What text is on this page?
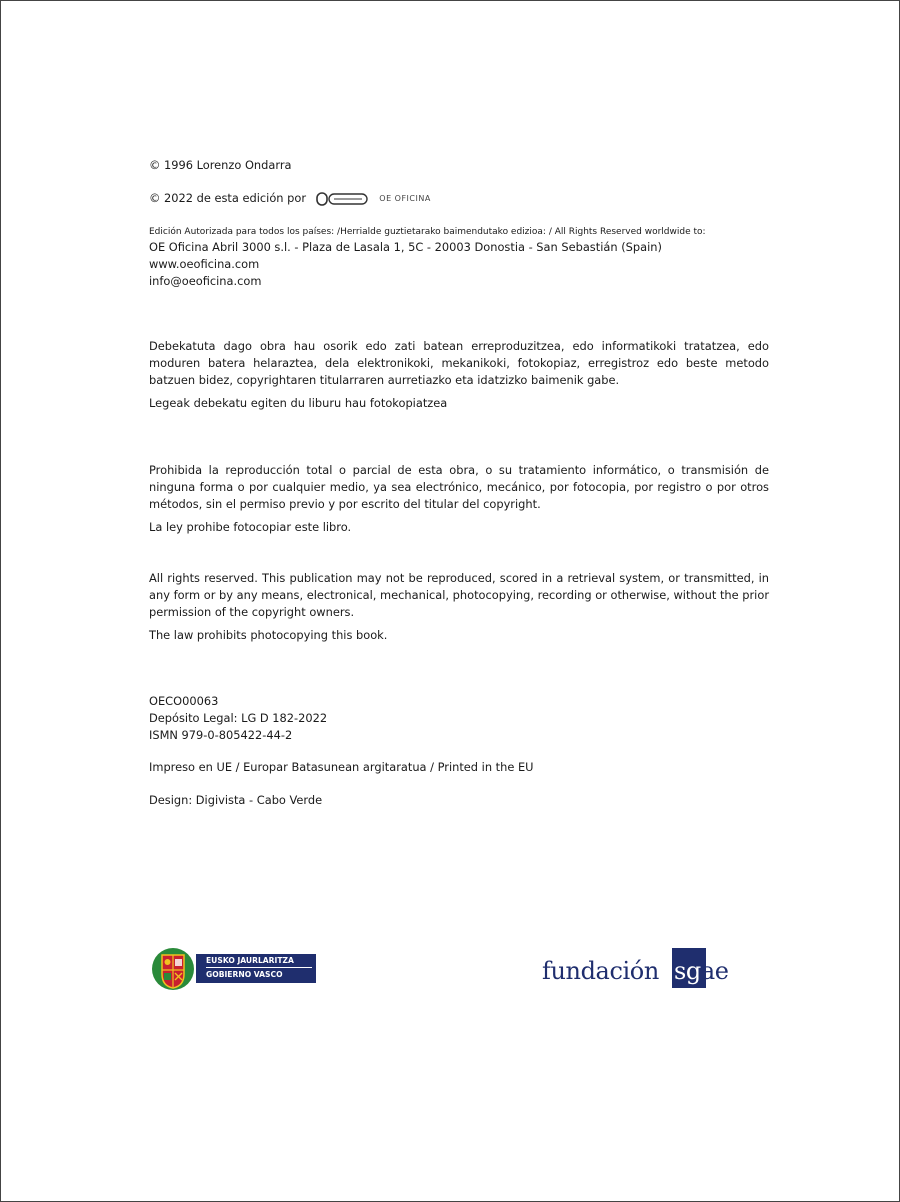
© 1996 Lorenzo Ondarra

© 2022 de esta edición por	OE OFICINA

Edición Autorizada para todos los países: /Herrialde guztietarako baimendutako edizioa: / All Rights Reserved worldwide to:

OE Oficina Abril 3000 s.l. - Plaza de Lasala 1, 5C - 20003 Donostia - San Sebastián (Spain)

www.oeoficina.com

info@oeoficina.com

Debekatuta dago obra hau osorik edo zati batean erreproduzitzea, edo informatikoki tratatzea, edo moduren batera helaraztea, dela elektronikoki, mekanikoki, fotokopiaz, erregistroz edo beste metodo batzuen bidez, copyrightaren titularraren aurretiazko eta idatzizko baimenik gabe.

Legeak debekatu egiten du liburu hau fotokopiatzea

Prohibida la reproducción total o parcial de esta obra, o su tratamiento informático, o transmisión de ninguna forma o por cualquier medio, ya sea electrónico, mecánico, por fotocopia, por registro o por otros métodos, sin el permiso previo y por escrito del titular del copyright.

La ley prohibe fotocopiar este libro.

All rights reserved. This publication may not be reproduced, scored in a retrieval system, or transmitted, in any form or by any means, electronical, mechanical, photocopying, recording or otherwise, without the prior permission of the copyright owners.

The law prohibits photocopying this book.

OECO00063

Depósito Legal: LG D 182-2022

ISMN 979-0-805422-44-2

Impreso en UE / Europar Batasunean argitaratua / Printed in the EU

Design: Digivista - Cabo Verde

EUSKO JAURLARITZA
GOBIERNO VASCO	fundación sgae
